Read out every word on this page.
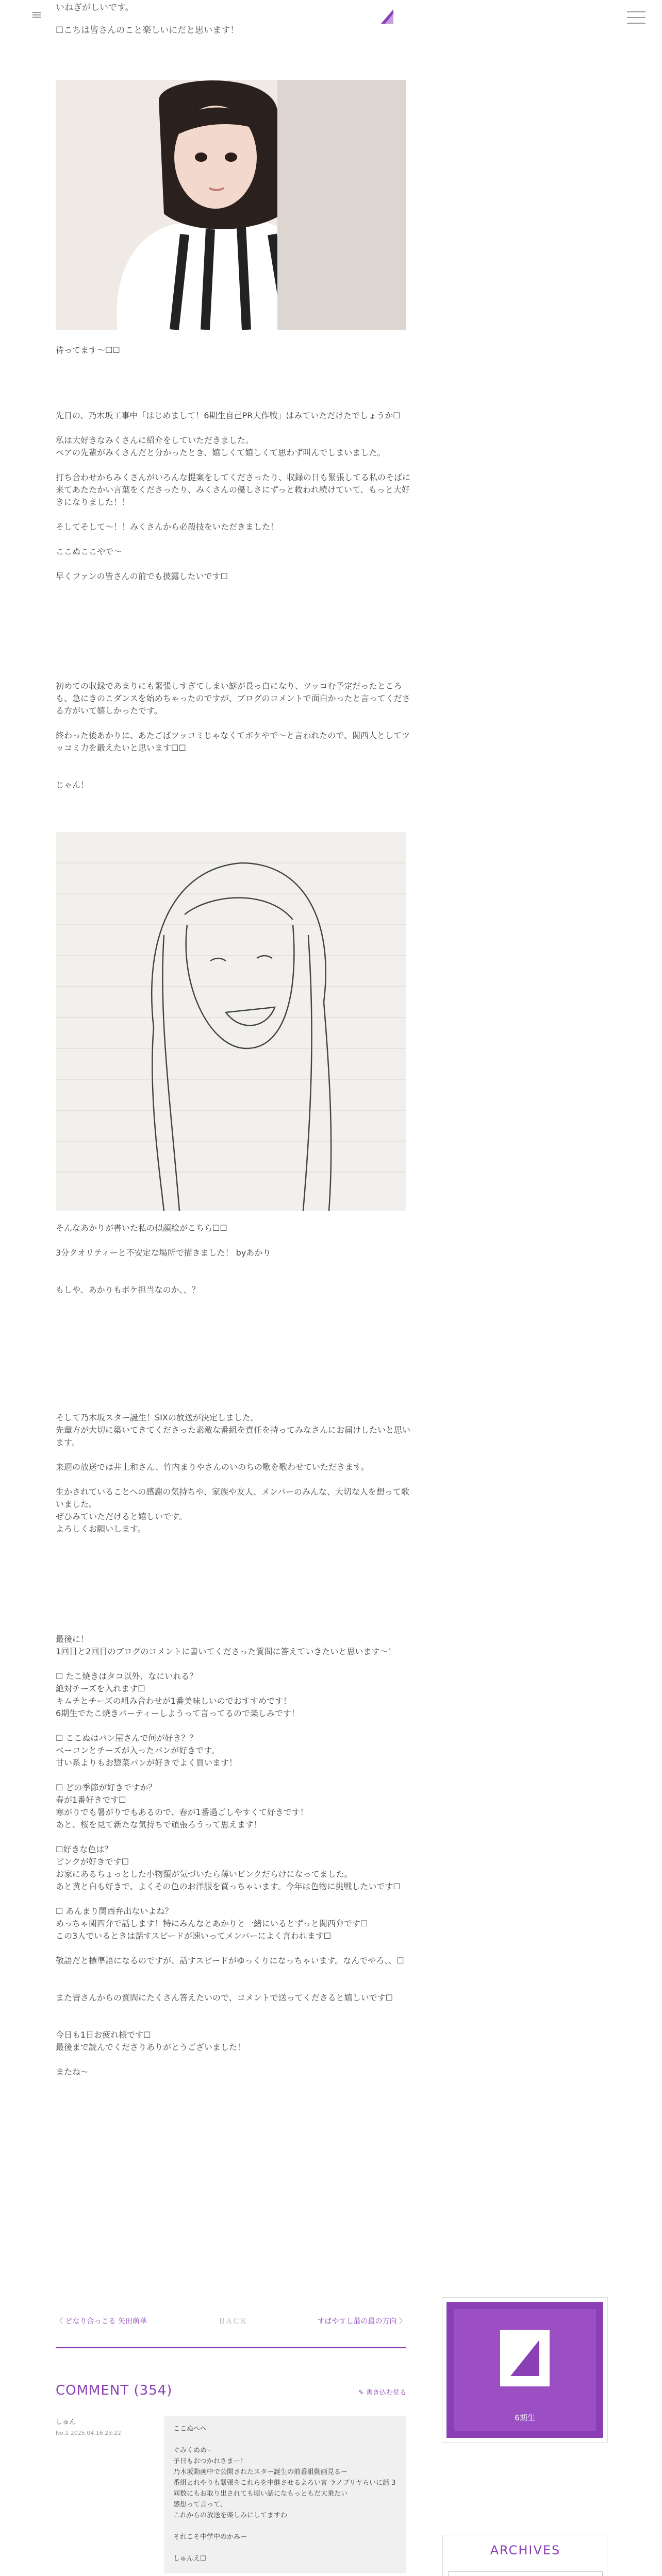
≡ いねぎがしいです。
☐こちは皆さんのこと楽しいにだと思います！
待ってます〜☐☐
先日の、乃木坂工事中「はじめまして！6期生自己PR大作戦」はみていただけたでしょうか☐

私は大好きなみくさんに紹介をしていただきました。
ペアの先輩がみくさんだと分かったとき、嬉しくて嬉しくて思わず叫んでしまいました。

打ち合わせからみくさんがいろんな提案をしてくださったり、収録の日も緊張してる私のそばに来てあたたかい言葉をくださったり、みくさんの優しさにずっと救われ続けていて、もっと大好きになりました！！

そしてそして〜！！みくさんから必殺技をいただきました！

ここぬここやで〜

早くファンの皆さんの前でも披露したいです☐
初めての収録であまりにも緊張しすぎてしまい謎が長っ白になり、ツッコむ予定だったところも、急にきのこダンスを始めちゃったのですが、ブログのコメントで面白かったと言ってくださる方がいて嬉しかったです。

終わった後あかりに、あたごばツッコミじゃなくてボケやで〜と言われたので、関西人としてツッコミ力を鍛えたいと思います☐☐

じゃん！
そんなあかりが書いた私の似顔絵がこちら☐☐

3分クオリティーと不安定な場所で描きました！ byあかり

もしや、あかりもボケ担当なのか、、？
そして乃木坂スター誕生！SIXの放送が決定しました。
先輩方が大切に築いてきてくださった素敵な番組を責任を持ってみなさんにお届けしたいと思います。

来週の放送では井上和さん、竹内まりやさんのいのちの歌を歌わせていただきます。

生かされていることへの感謝の気持ちや、家族や友人、メンバーのみんな、大切な人を想って歌いました。
ぜひみていただけると嬉しいです。
よろしくお願いします。
最後に！
1回目と2回目のブログのコメントに書いてくださった質問に答えていきたいと思います〜！

☐ たこ焼きはタコ以外、なにいれる？
絶対チーズを入れます☐
キムチとチーズの組み合わせが1番美味しいのでおすすめです！
6期生でたこ焼きパーティーしようって言ってるので楽しみです！

☐ ここぬはパン屋さんで何が好き？？
ベーコンとチーズが入ったパンが好きです。
甘い系よりもお惣菜パンが好きでよく買います！

☐ どの季節が好きですか？
春が1番好きです☐
寒がりでも暑がりでもあるので、春が1番過ごしやすくて好きです！
あと、桜を見て新たな気持ちで頑張ろうって思えます！

☐好きな色は？
ピンクが好きです☐
お家にあるちょっとした小物類が気づいたら薄いピンクだらけになってました。
あと黄と白も好きで、よくその色のお洋服を買っちゃいます。今年は色物に挑戦したいです☐

☐ あんまり関西弁出ないよね？
めっちゃ関西弁で話します！特にみんなとあかりと一緒にいるとずっと関西弁です☐
この3人でいるときは話すスピードが速いってメンバーによく言われます☐

敬語だと標準語になるのですが、話すスピードがゆっくりになっちゃいます。なんでやろ、、☐

また皆さんからの質問にたくさん答えたいので、コメントで送ってくださると嬉しいです☐

今日も1日お疲れ様です☐
最後まで読んでくださりありがとうございました！

またね〜
〈 どなり合っこる 矢田萌華	ＢＡＣＫ	すばやすし最の最の方向 〉
COMMENT (354)	✎ 書き込む見る
しゅん
No.1 2025.04.16 23:22
ここぬへへ

ぐみくぬぬー
予日もおつかれさまー！
乃木坂動画中で公開されたスター誕生の前番組動画見るー
番組とれやりも緊張をこれらを中継させるよろい言 ラノブリヤらいに話 3 同数にもお取り出されても頃い話になもっともだ大乗たい
感想って言って、
これからの放送を楽しみにしてますわ

それこそ中学中のかみー

しゅんえ☐
6期生
ARCHIVES
